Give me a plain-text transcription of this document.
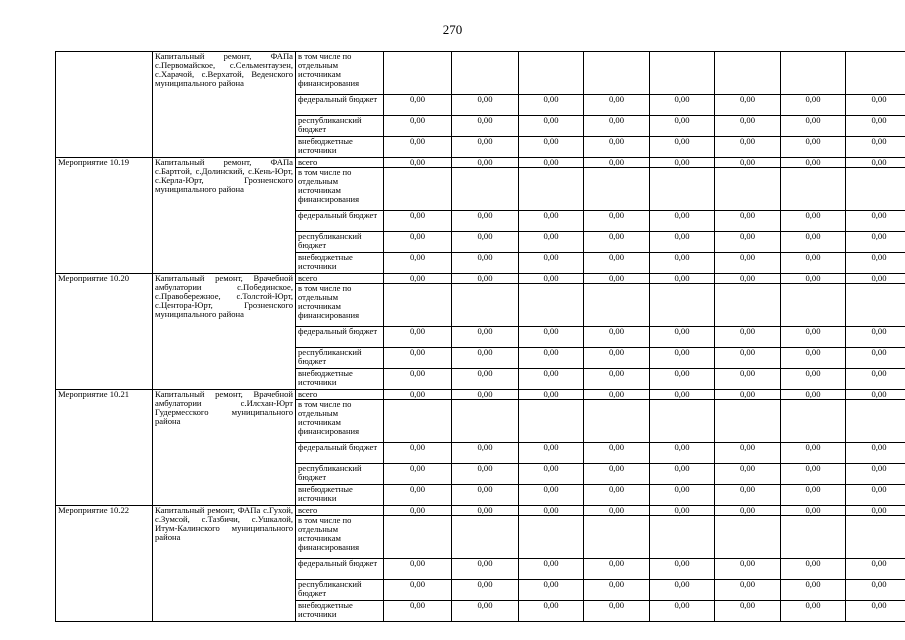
270
	Капитальный ремонт, ФАПа с.Первомайское, с.Сельментаузен, с.Харачой, с.Верхатой, Веденского муниципального района	в том числе по отдельным источникам финансирования								
		федеральный бюджет	0,00	0,00	0,00	0,00	0,00	0,00	0,00	0,00
		республиканский бюджет	0,00	0,00	0,00	0,00	0,00	0,00	0,00	0,00
		внебюджетные источники	0,00	0,00	0,00	0,00	0,00	0,00	0,00	0,00
Мероприятие 10.19	Капитальный ремонт, ФАПа с.Бартгой, с.Долинский, с.Кень-Юрт, с.Керла-Юрт, Грозненского муниципального района	всего	0,00	0,00	0,00	0,00	0,00	0,00	0,00	0,00
		в том числе по отдельным источникам финансирования								
		федеральный бюджет	0,00	0,00	0,00	0,00	0,00	0,00	0,00	0,00
		республиканский бюджет	0,00	0,00	0,00	0,00	0,00	0,00	0,00	0,00
		внебюджетные источники	0,00	0,00	0,00	0,00	0,00	0,00	0,00	0,00
Мероприятие 10.20	Капитальный ремонт, Врачебной амбулатории с.Побединское, с.Правобережное, с.Толстой-Юрт, с.Центора-Юрт, Грозненского муниципального района	всего	0,00	0,00	0,00	0,00	0,00	0,00	0,00	0,00
		в том числе по отдельным источникам финансирования								
		федеральный бюджет	0,00	0,00	0,00	0,00	0,00	0,00	0,00	0,00
		республиканский бюджет	0,00	0,00	0,00	0,00	0,00	0,00	0,00	0,00
		внебюджетные источники	0,00	0,00	0,00	0,00	0,00	0,00	0,00	0,00
Мероприятие 10.21	Капитальный ремонт, Врачебной амбулатории с.Илсхан-Юрт Гудермесского муниципального района	всего	0,00	0,00	0,00	0,00	0,00	0,00	0,00	0,00
		в том числе по отдельным источникам финансирования								
		федеральный бюджет	0,00	0,00	0,00	0,00	0,00	0,00	0,00	0,00
		республиканский бюджет	0,00	0,00	0,00	0,00	0,00	0,00	0,00	0,00
		внебюджетные источники	0,00	0,00	0,00	0,00	0,00	0,00	0,00	0,00
Мероприятие 10.22	Капитальный ремонт, ФАПа с.Гухой, с.Зумсой, с.Тазбичи, с.Ушкалой, Итум-Калинского муниципального района	всего	0,00	0,00	0,00	0,00	0,00	0,00	0,00	0,00
		в том числе по отдельным источникам финансирования								
		федеральный бюджет	0,00	0,00	0,00	0,00	0,00	0,00	0,00	0,00
		республиканский бюджет	0,00	0,00	0,00	0,00	0,00	0,00	0,00	0,00
		внебюджетные источники	0,00	0,00	0,00	0,00	0,00	0,00	0,00	0,00
